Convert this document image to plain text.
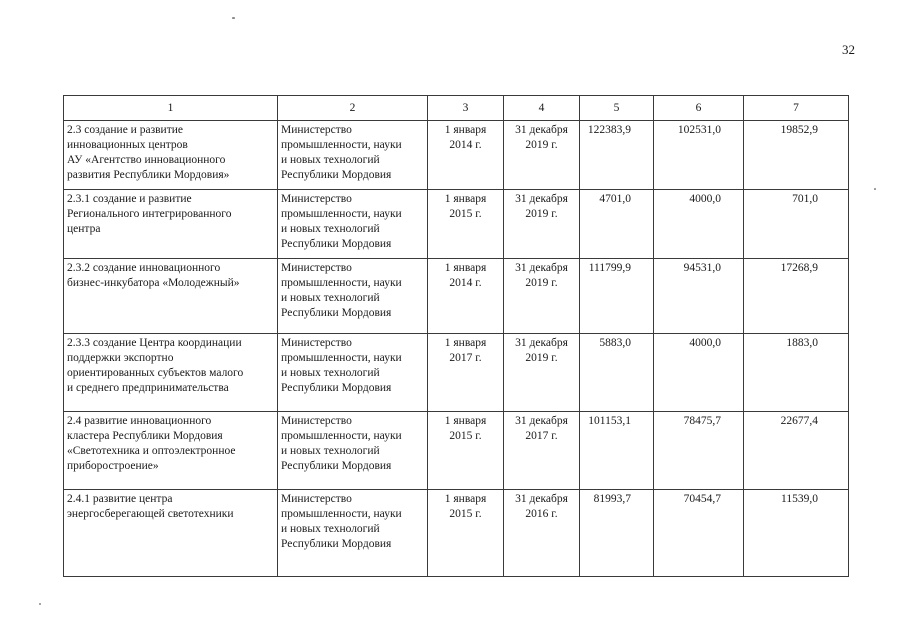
32
1	2	3	4	5	6	7

2.3 создание и развитие
инновационных центров
АУ «Агентство инновационного
развития Республики Мордовия»	Министерство
промышленности, науки
и новых технологий
Республики Мордовия	1 января
2014 г.	31 декабря
2019 г.	122383,9	102531,0	19852,9

2.3.1 создание и развитие
Регионального интегрированного
центра	Министерство
промышленности, науки
и новых технологий
Республики Мордовия	1 января
2015 г.	31 декабря
2019 г.	4701,0	4000,0	701,0

2.3.2 создание инновационного
бизнес-инкубатора «Молодежный»	Министерство
промышленности, науки
и новых технологий
Республики Мордовия	1 января
2014 г.	31 декабря
2019 г.	111799,9	94531,0	17268,9

2.3.3 создание Центра координации
поддержки экспортно
ориентированных субъектов малого
и среднего предпринимательства	Министерство
промышленности, науки
и новых технологий
Республики Мордовия	1 января
2017 г.	31 декабря
2019 г.	5883,0	4000,0	1883,0

2.4 развитие инновационного
кластера Республики Мордовия
«Светотехника и оптоэлектронное
приборостроение»	Министерство
промышленности, науки
и новых технологий
Республики Мордовия	1 января
2015 г.	31 декабря
2017 г.	101153,1	78475,7	22677,4

2.4.1 развитие центра
энергосберегающей светотехники	Министерство
промышленности, науки
и новых технологий
Республики Мордовия	1 января
2015 г.	31 декабря
2016 г.	81993,7	70454,7	11539,0
